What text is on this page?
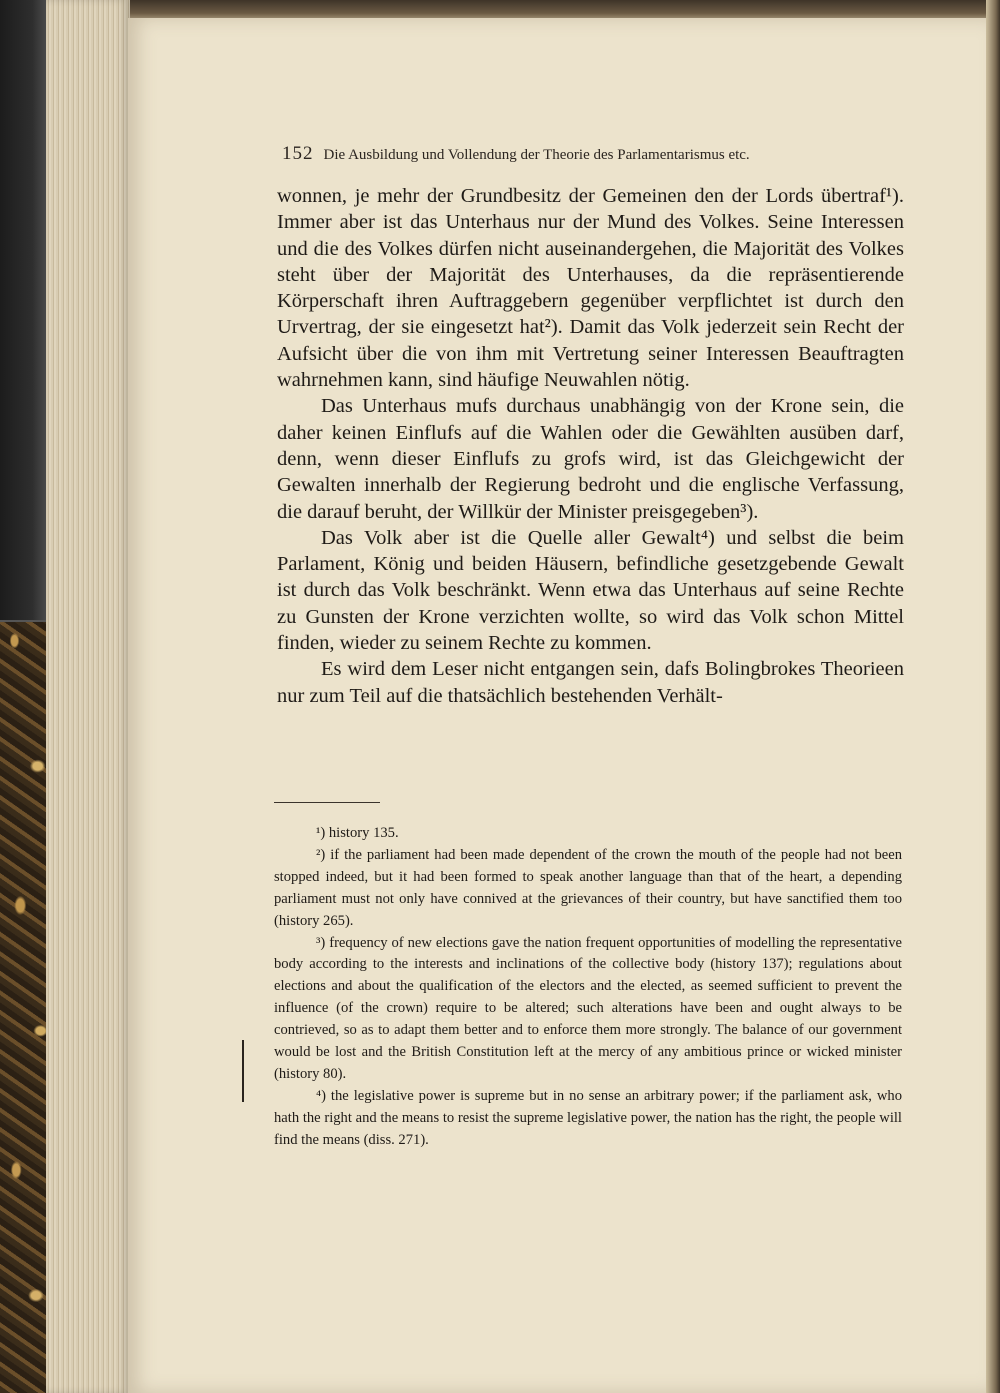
152 Die Ausbildung und Vollendung der Theorie des Parlamentarismus etc.

wonnen, je mehr der Grundbesitz der Gemeinen den der Lords übertraf¹). Immer aber ist das Unterhaus nur der Mund des Volkes. Seine Interessen und die des Volkes dürfen nicht auseinandergehen, die Majorität des Volkes steht über der Majorität des Unterhauses, da die repräsentierende Körperschaft ihren Auftraggebern gegenüber verpflichtet ist durch den Urvertrag, der sie eingesetzt hat²). Damit das Volk jederzeit sein Recht der Aufsicht über die von ihm mit Vertretung seiner Interessen Beauftragten wahrnehmen kann, sind häufige Neuwahlen nötig.

Das Unterhaus mufs durchaus unabhängig von der Krone sein, die daher keinen Einflufs auf die Wahlen oder die Gewählten ausüben darf, denn, wenn dieser Einflufs zu grofs wird, ist das Gleichgewicht der Gewalten innerhalb der Regierung bedroht und die englische Verfassung, die darauf beruht, der Willkür der Minister preisgegeben³).

Das Volk aber ist die Quelle aller Gewalt⁴) und selbst die beim Parlament, König und beiden Häusern, befindliche gesetzgebende Gewalt ist durch das Volk beschränkt. Wenn etwa das Unterhaus auf seine Rechte zu Gunsten der Krone verzichten wollte, so wird das Volk schon Mittel finden, wieder zu seinem Rechte zu kommen.

Es wird dem Leser nicht entgangen sein, dafs Bolingbrokes Theorieen nur zum Teil auf die thatsächlich bestehenden Verhält-

¹) history 135.

²) if the parliament had been made dependent of the crown the mouth of the people had not been stopped indeed, but it had been formed to speak another language than that of the heart, a depending parliament must not only have connived at the grievances of their country, but have sanctified them too (history 265).

³) frequency of new elections gave the nation frequent opportunities of modelling the representative body according to the interests and inclinations of the collective body (history 137); regulations about elections and about the qualification of the electors and the elected, as seemed sufficient to prevent the influence (of the crown) require to be altered; such alterations have been and ought always to be contrieved, so as to adapt them better and to enforce them more strongly. The balance of our government would be lost and the British Constitution left at the mercy of any ambitious prince or wicked minister (history 80).

⁴) the legislative power is supreme but in no sense an arbitrary power; if the parliament ask, who hath the right and the means to resist the supreme legislative power, the nation has the right, the people will find the means (diss. 271).
